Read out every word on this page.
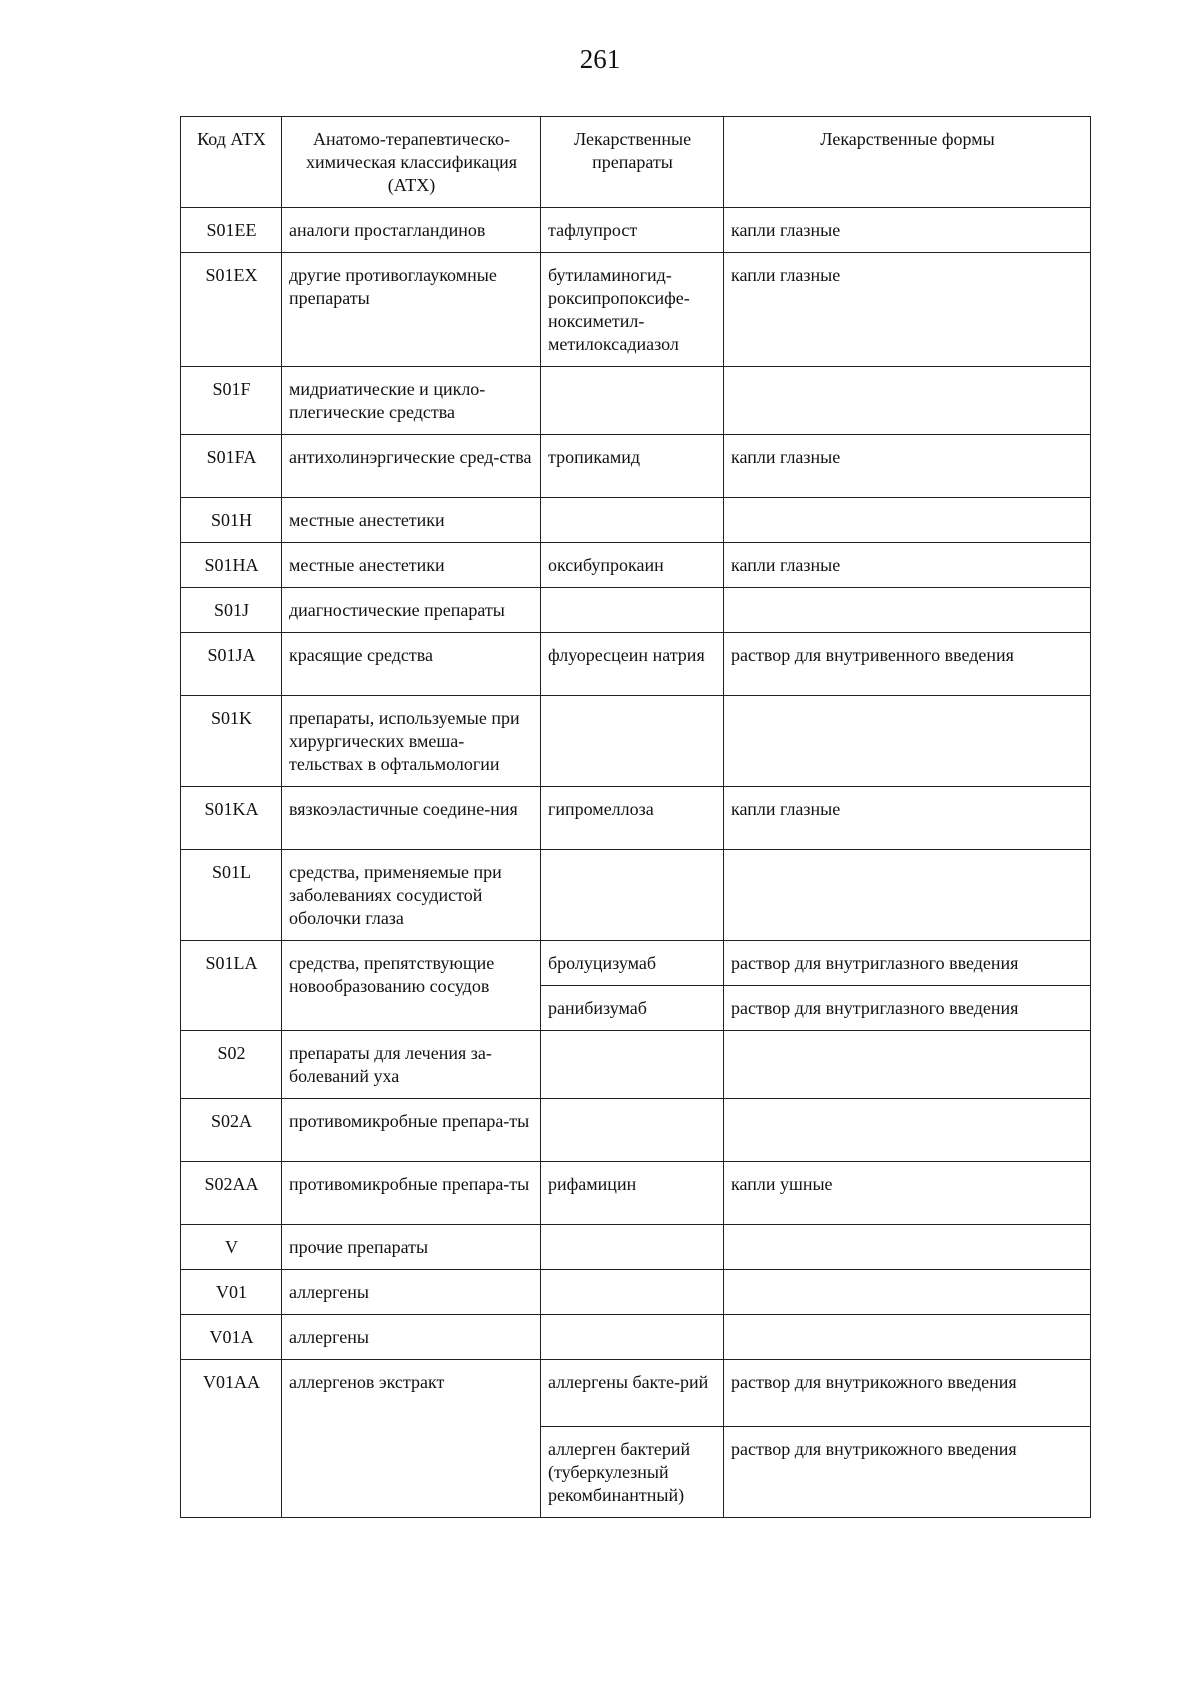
261
Код АТХ	Анатомо-терапевтическо-химическая классификация (АТХ)	Лекарственные препараты	Лекарственные формы
S01EE	аналоги простагландинов	тафлупрост	капли глазные
S01EX	другие противоглаукомные препараты	бутиламиногид-роксипропоксифе-ноксиметил-метилоксадиазол	капли глазные
S01F	мидриатические и цикло-плегические средства		
S01FA	антихолинэргические сред-ства	тропикамид	капли глазные
S01H	местные анестетики		
S01HA	местные анестетики	оксибупрокаин	капли глазные
S01J	диагностические препараты		
S01JA	красящие средства	флуоресцеин натрия	раствор для внутривенного введения
S01K	препараты, используемые при хирургических вмеша-тельствах в офтальмологии		
S01KA	вязкоэластичные соедине-ния	гипромеллоза	капли глазные
S01L	средства, применяемые при заболеваниях сосудистой оболочки глаза		
S01LA	средства, препятствующие новообразованию сосудов	бролуцизумаб	раствор для внутриглазного введения
		ранибизумаб	раствор для внутриглазного введения
S02	препараты для лечения за-болеваний уха		
S02A	противомикробные препара-ты		
S02AA	противомикробные препара-ты	рифамицин	капли ушные
V	прочие препараты		
V01	аллергены		
V01A	аллергены		
V01AA	аллергенов экстракт	аллергены бакте-рий	раствор для внутрикожного введения
		аллерген бактерий (туберкулезный рекомбинантный)	раствор для внутрикожного введения
